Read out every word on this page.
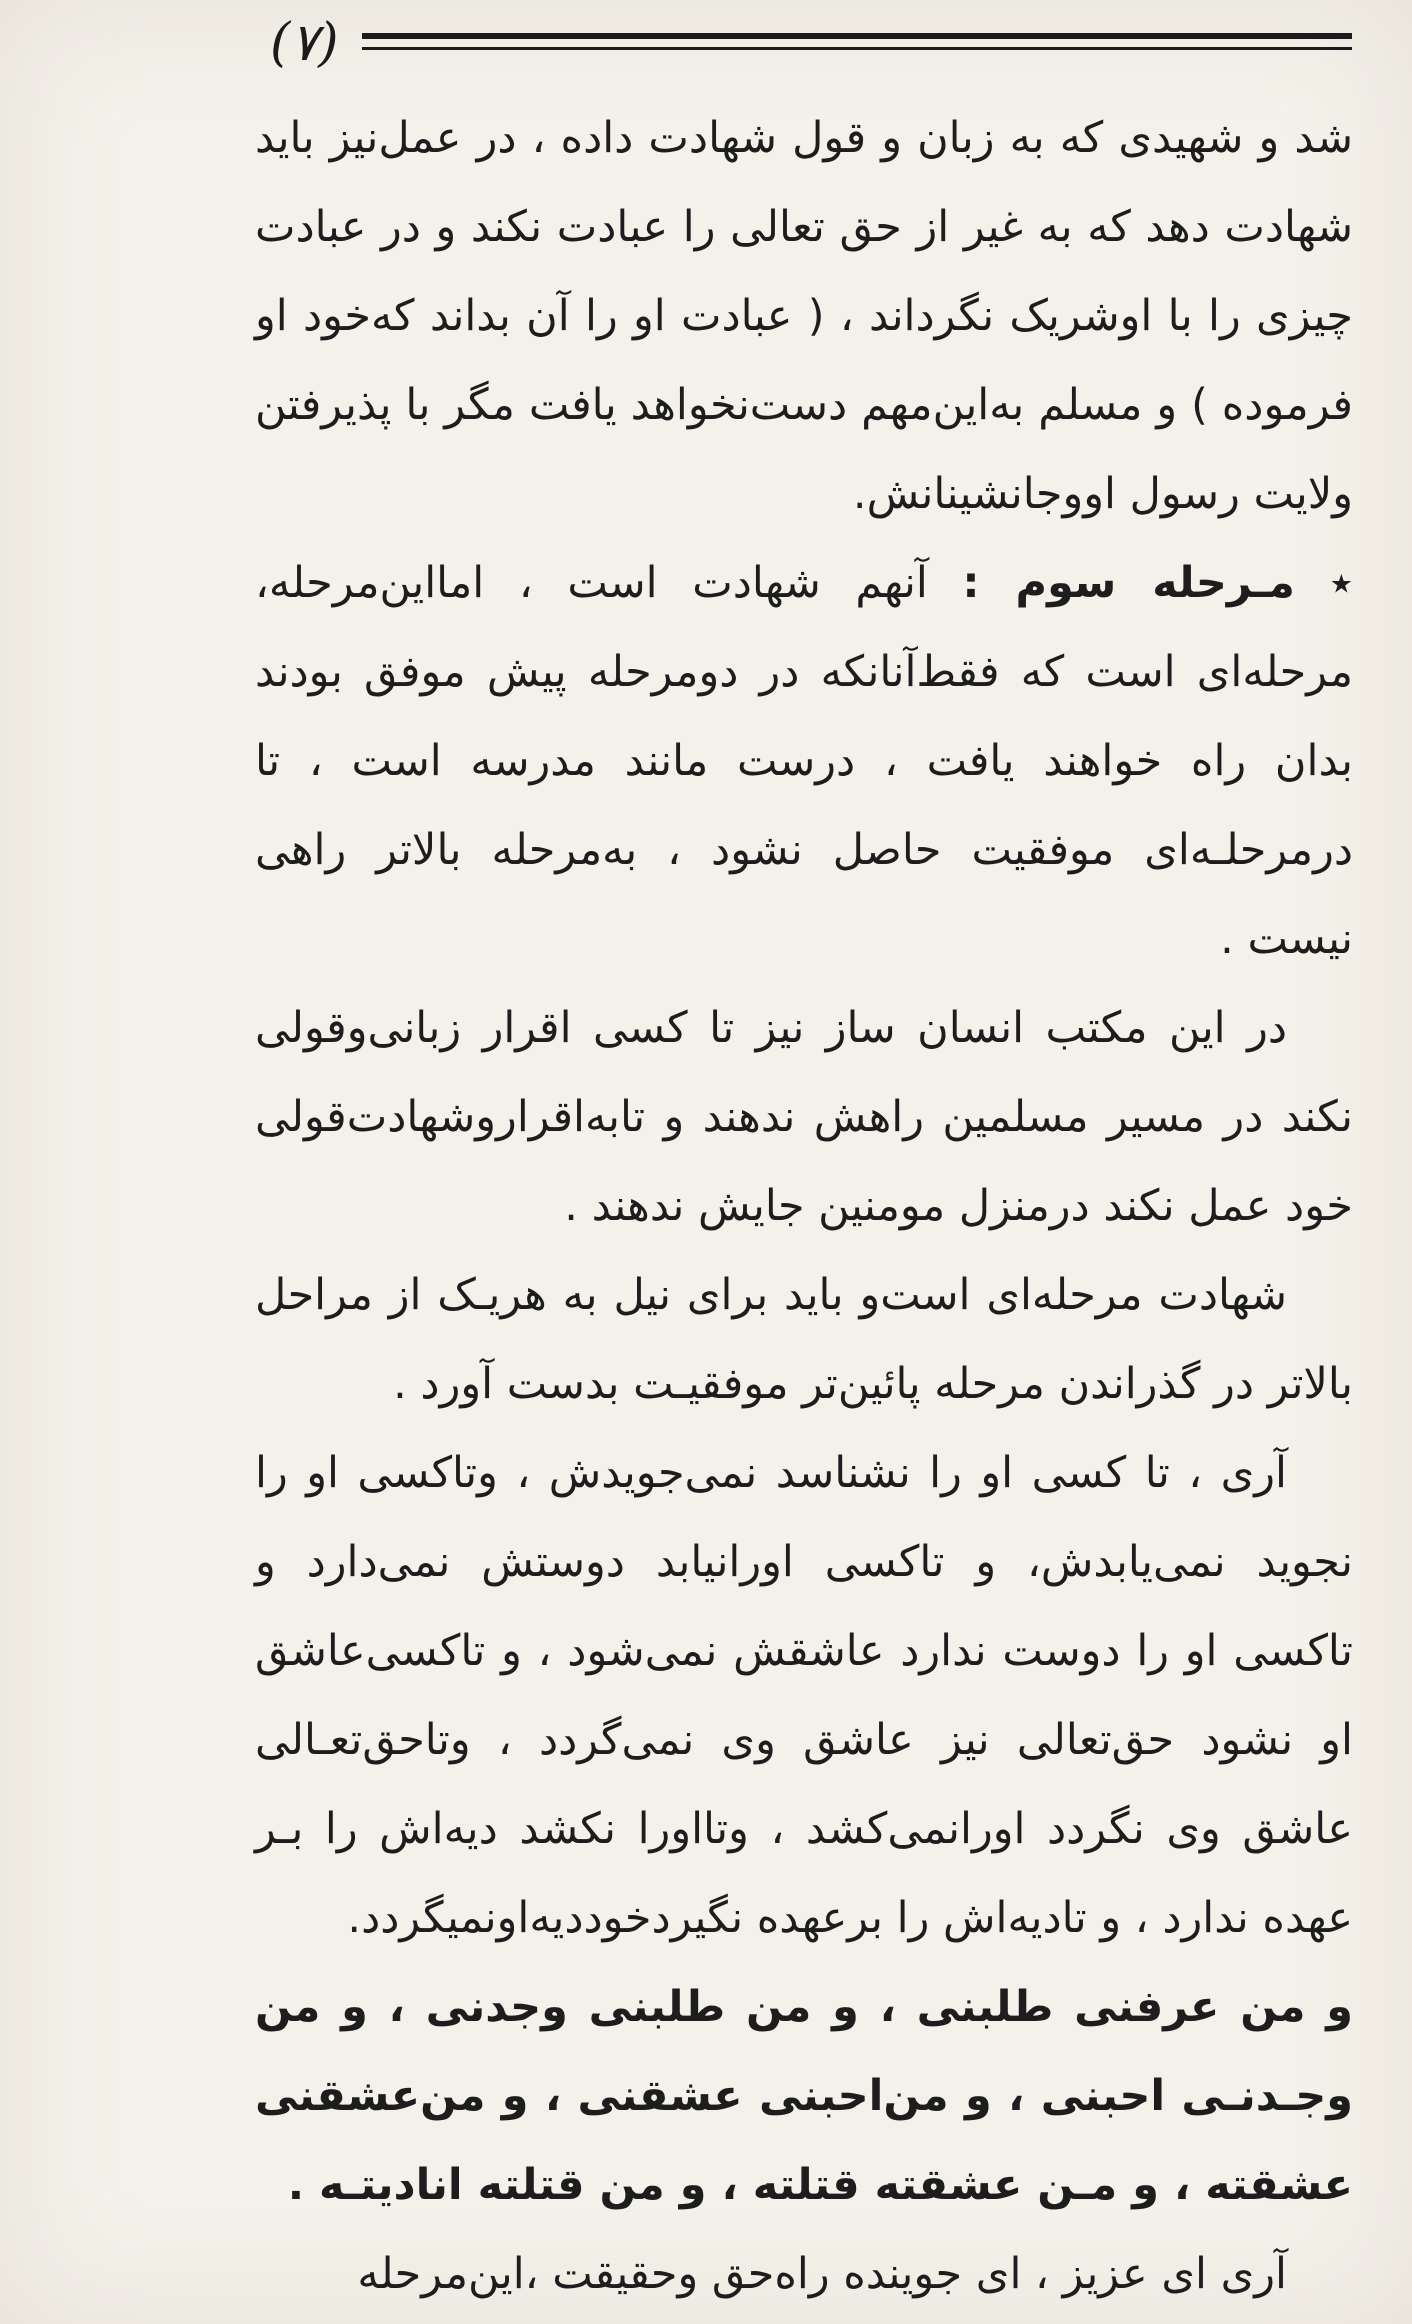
(۷)

شد و شهیدی که به زبان و قول شهادت داده ، در عمل‌نیز باید شهادت دهد که به غیر از حق تعالی را عبادت نکند و در عبادت چیزی را با اوشریک نگرداند ، ( عبادت او را آن بداند که‌خود او فرموده ) و مسلم به‌این‌مهم دست‌نخواهد یافت مگر با پذیرفتن ولایت رسول اووجانشینانش.

٭ مـرحله سوم : آنهم شهادت است ، امااین‌مرحله، مرحله‌ای است که فقط‌آنانکه در دومرحله پیش موفق بودند بدان راه خواهند یافت ، درست مانند مدرسه است ، تا درمرحلـه‌ای موفقیت حاصل نشود ، به‌مرحله بالاتر راهی نیست .

در این مکتب انسان ساز نیز تا کسی اقرار زبانی‌وقولی نکند در مسیر مسلمین راهش ندهند و تابه‌اقراروشهادت‌قولی خود عمل نکند درمنزل مومنین جایش ندهند .

شهادت مرحله‌ای است‌و باید برای نیل به هریـک از مراحل بالاتر در گذراندن مرحله پائین‌تر موفقیـت بدست آورد .

آری ، تا کسی او را نشناسد نمی‌جویدش ، وتاکسی او را نجوید نمی‌یابدش، و تاکسی اورانیابد دوستش نمی‌دارد و تاکسی او را دوست ندارد عاشقش نمی‌شود ، و تاکسی‌عاشق او نشود حق‌تعالی نیز عاشق وی نمی‌گردد ، وتاحق‌تعـالی عاشق وی نگردد اورانمی‌کشد ، وتااورا نکشد دیه‌اش را بـر عهده ندارد ، و تادیه‌اش را برعهده نگیردخوددیه‌اونمیگردد.

و من عرفنی طلبنی ، و من طلبنی وجدنی ، و من وجـدنـی احبنی ، و من‌احبنی عشقنی ، و من‌عشقنی عشقته ، و مـن عشقته قتلته ، و من قتلته انادیتـه .

آری ای عزیز ، ای جوینده راه‌حق وحقیقت ،این‌مرحله
